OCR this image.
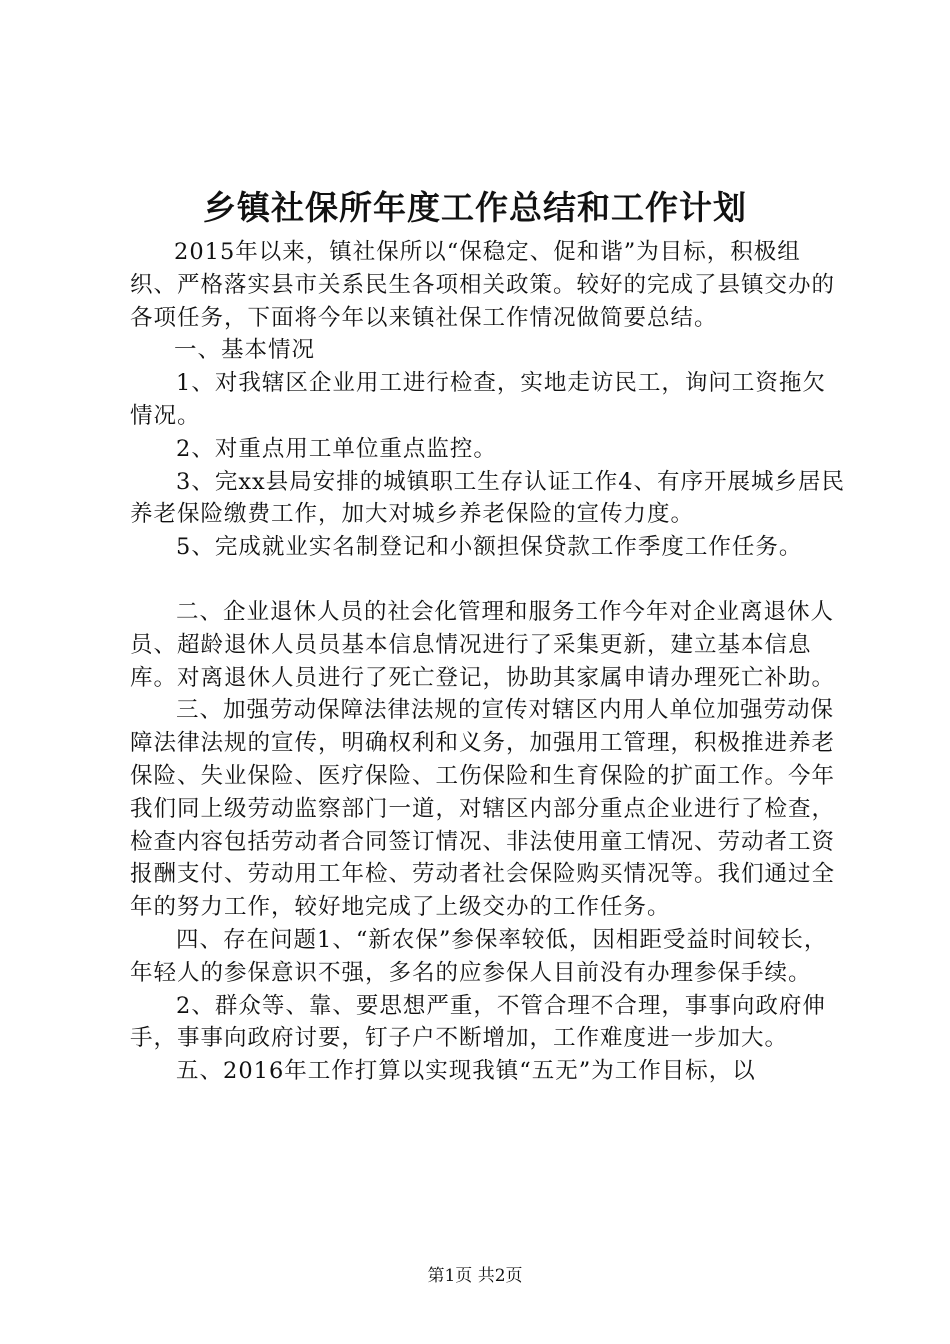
乡镇社保所年度工作总结和工作计划

2015年以来，镇社保所以“保稳定、促和谐”为目标，积极组织、严格落实县市关系民生各项相关政策。较好的完成了县镇交办的各项任务，下面将今年以来镇社保工作情况做简要总结。

一、基本情况

1、对我辖区企业用工进行检查，实地走访民工，询问工资拖欠情况。

2、对重点用工单位重点监控。

3、完xx县局安排的城镇职工生存认证工作4、有序开展城乡居民养老保险缴费工作，加大对城乡养老保险的宣传力度。

5、完成就业实名制登记和小额担保贷款工作季度工作任务。

二、企业退休人员的社会化管理和服务工作今年对企业离退休人员、超龄退休人员员基本信息情况进行了采集更新，建立基本信息库。对离退休人员进行了死亡登记，协助其家属申请办理死亡补助。

三、加强劳动保障法律法规的宣传对辖区内用人单位加强劳动保障法律法规的宣传，明确权利和义务，加强用工管理，积极推进养老保险、失业保险、医疗保险、工伤保险和生育保险的扩面工作。今年我们同上级劳动监察部门一道，对辖区内部分重点企业进行了检查，检查内容包括劳动者合同签订情况、非法使用童工情况、劳动者工资报酬支付、劳动用工年检、劳动者社会保险购买情况等。我们通过全年的努力工作，较好地完成了上级交办的工作任务。

四、存在问题1、“新农保”参保率较低，因相距受益时间较长，年轻人的参保意识不强，多名的应参保人目前没有办理参保手续。

2、群众等、靠、要思想严重，不管合理不合理，事事向政府伸手，事事向政府讨要，钉子户不断增加，工作难度进一步加大。

五、2016年工作打算以实现我镇“五无”为工作目标，以

第1页 共2页
